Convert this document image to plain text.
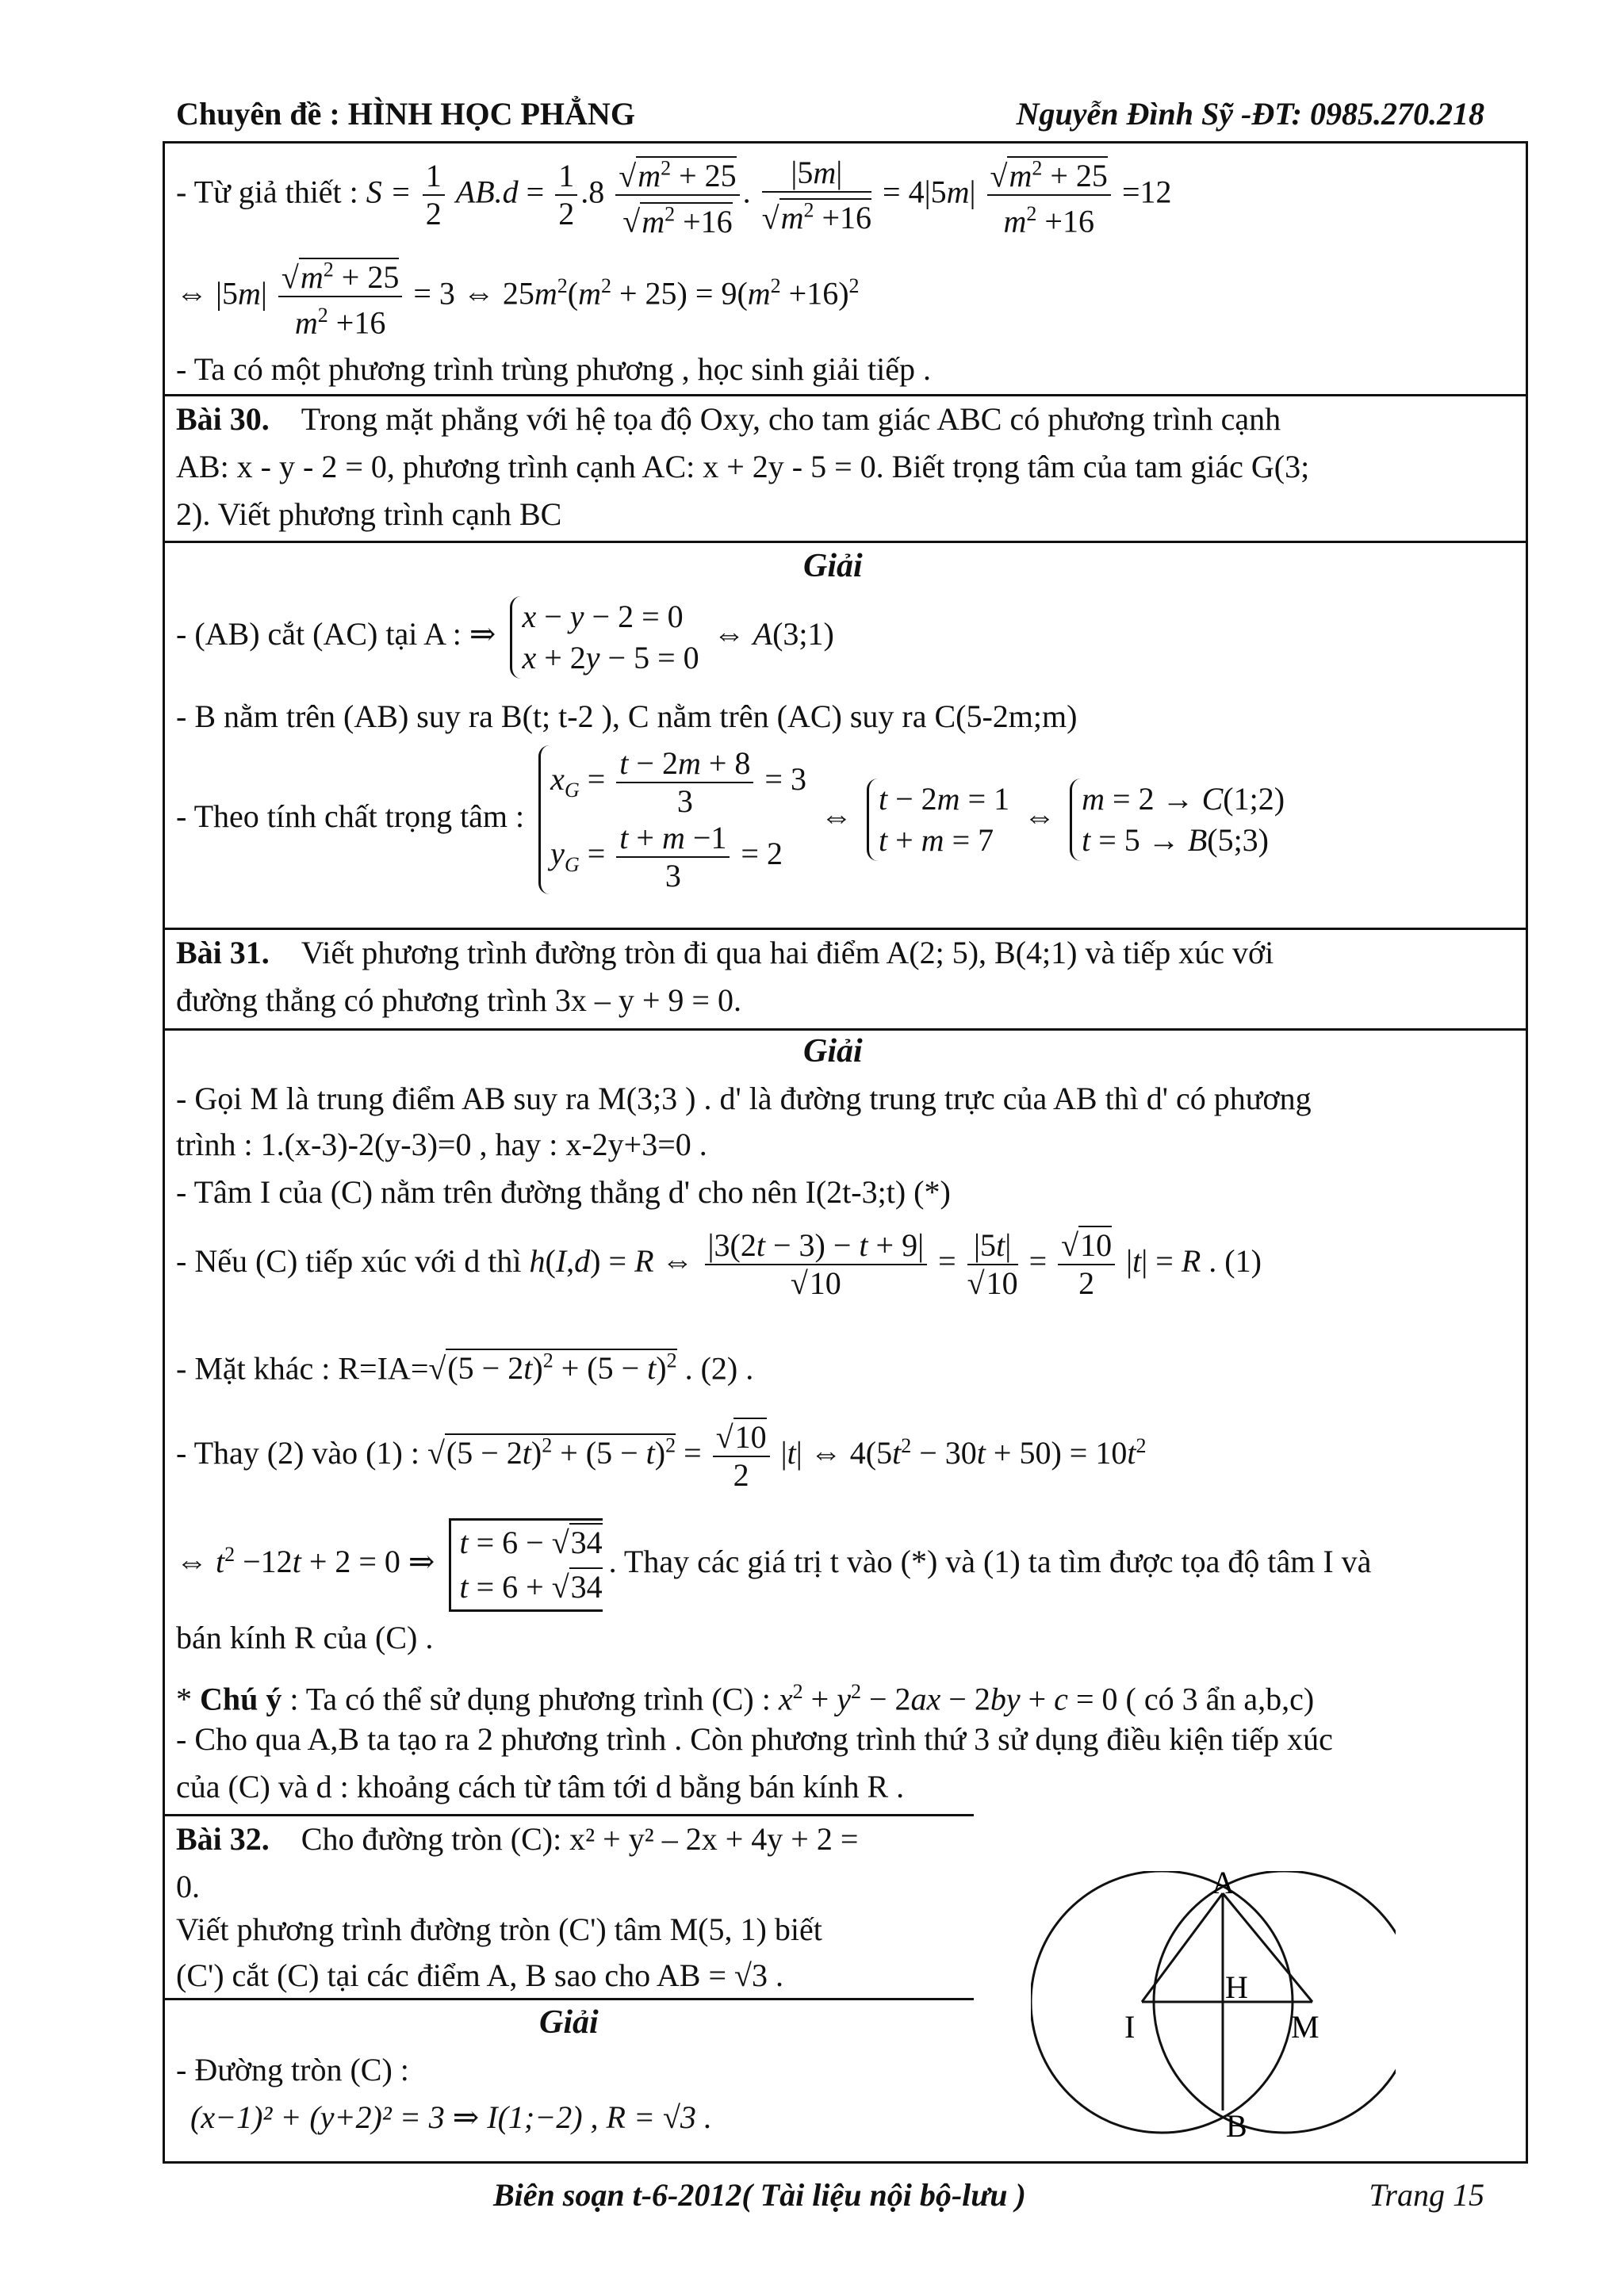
Chuyên đề : HÌNH HỌC PHẲNG	Nguyễn Đình Sỹ -ĐT: 0985.270.218
- Từ giả thiết : $S = \frac{1}{2} AB.d = \frac{1}{2} .8 \frac{√m^2 + 25}{√m^2 +16}$ . $\frac{|5m|}{√m^2 +16} = 4|5m| \frac{√m^2 + 25}{m^2 +16} =12$
⇔ $|5m| \frac{√m^2 + 25}{m^2 +16} = 3$ ⇔ $25m^2(m^2 + 25) = 9(m^2 +16)^2$
- Ta có một phương trình trùng phương , học sinh giải tiếp .
Bài 30. Trong mặt phẳng với hệ tọa độ Oxy, cho tam giác ABC có phương trình cạnh
AB: x - y - 2 = 0, phương trình cạnh AC: x + 2y - 5 = 0. Biết trọng tâm của tam giác G(3;
2). Viết phương trình cạnh BC
Giải
- (AB) cắt (AC) tại A : ⇒ x − y − 2 = 0
x + 2y − 5 = 0
⇔ A(3;1)
- B nằm trên (AB) suy ra B(t; t-2 ), C nằm trên (AC) suy ra C(5-2m;m)
- Theo tính chất trọng tâm :
$x_G = \frac{t - 2m + 8}{3} = 3$
$y_G = \frac{t + m -1}{3} = 2$
⇔ t − 2m = 1
t + m = 7
⇔ m = 2 → C(1;2)
t = 5 → B(5;3)
Bài 31. Viết phương trình đường tròn đi qua hai điểm A(2; 5), B(4;1) và tiếp xúc với
đường thẳng có phương trình 3x – y + 9 = 0.
Giải
- Gọi M là trung điểm AB suy ra M(3;3 ) . d' là đường trung trực của AB thì d' có phương
trình : 1.(x-3)-2(y-3)=0 , hay : x-2y+3=0 .
- Tâm I của (C) nằm trên đường thẳng d' cho nên I(2t-3;t) (*)
- Nếu (C) tiếp xúc với d thì h(I,d) = R ⇔ $\frac{|3(2t - 3) - t + 9|}{√10} = \frac{|5t|}{√10} = \frac{√10}{2} |t| = R$ . (1)
- Mặt khác : $R=IA=√(5 - 2t)^2 + (5 - t)^2$ . (2) .
- Thay (2) vào (1) : $√(5 - 2t)^2 + (5 - t)^2 = \frac{√10}{2} |t|$ ⇔ $4(5t^2 - 30t + 50) = 10t^2$
⇔ $t^2 -12t + 2 = 0$ ⇒
t = 6 − √34
t = 6 + √34
. Thay các giá trị t vào (*) và (1) ta tìm được tọa độ tâm I và
bán kính R của (C) .
* Chú ý : Ta có thể sử dụng phương trình (C) : $x^2 + y^2 - 2ax - 2by + c = 0$ ( có 3 ẩn a,b,c)
- Cho qua A,B ta tạo ra 2 phương trình . Còn phương trình thứ 3 sử dụng điều kiện tiếp xúc
của (C) và d : khoảng cách từ tâm tới d bằng bán kính R .
Bài 32. Cho đường tròn (C): x² + y² – 2x + 4y + 2 =
0.
Viết phương trình đường tròn (C') tâm M(5, 1) biết
(C') cắt (C) tại các điểm A, B sao cho AB = √3 .
Giải
- Đường tròn (C) :
(x−1)² + (y+2)² = 3 ⇒ I(1;−2) , R = √3 .
A
H
I	M
B
Biên soạn t-6-2012( Tài liệu nội bộ-lưu )	Trang 15
